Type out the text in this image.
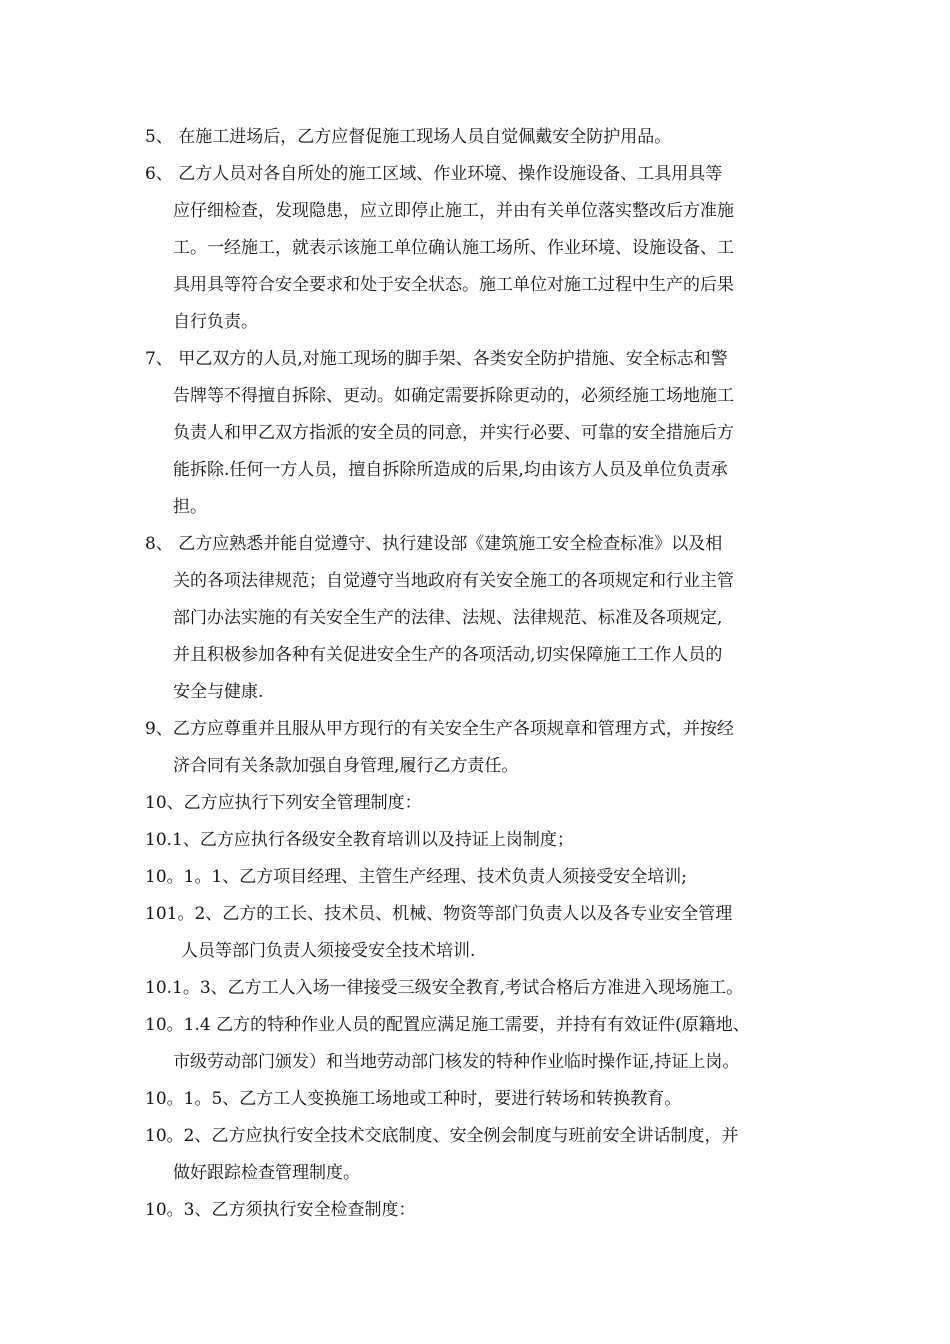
5、 在施工进场后，乙方应督促施工现场人员自觉佩戴安全防护用品。
6、 乙方人员对各自所处的施工区域、作业环境、操作设施设备、工具用具等
应仔细检查，发现隐患，应立即停止施工，并由有关单位落实整改后方准施
工。一经施工，就表示该施工单位确认施工场所、作业环境、设施设备、工
具用具等符合安全要求和处于安全状态。施工单位对施工过程中生产的后果
自行负责。
7、 甲乙双方的人员,对施工现场的脚手架、各类安全防护措施、安全标志和警
告牌等不得擅自拆除、更动。如确定需要拆除更动的，必须经施工场地施工
负责人和甲乙双方指派的安全员的同意，并实行必要、可靠的安全措施后方
能拆除.任何一方人员，擅自拆除所造成的后果,均由该方人员及单位负责承
担。
8、 乙方应熟悉并能自觉遵守、执行建设部《建筑施工安全检查标准》以及相
关的各项法律规范；自觉遵守当地政府有关安全施工的各项规定和行业主管
部门办法实施的有关安全生产的法律、法规、法律规范、标准及各项规定,
并且积极参加各种有关促进安全生产的各项活动,切实保障施工工作人员的
安全与健康.
9、乙方应尊重并且服从甲方现行的有关安全生产各项规章和管理方式，并按经
济合同有关条款加强自身管理,履行乙方责任。
10、乙方应执行下列安全管理制度：
10.1、乙方应执行各级安全教育培训以及持证上岗制度；
10。1。1、乙方项目经理、主管生产经理、技术负责人须接受安全培训;
101。2、乙方的工长、技术员、机械、物资等部门负责人以及各专业安全管理
人员等部门负责人须接受安全技术培训.
10.1。3、乙方工人入场一律接受三级安全教育,考试合格后方准进入现场施工。
10。1.4 乙方的特种作业人员的配置应满足施工需要，并持有有效证件(原籍地、
市级劳动部门颁发）和当地劳动部门核发的特种作业临时操作证,持证上岗。
10。1。5、乙方工人变换施工场地或工种时，要进行转场和转换教育。
10。2、乙方应执行安全技术交底制度、安全例会制度与班前安全讲话制度，并
做好跟踪检查管理制度。
10。3、乙方须执行安全检查制度：
